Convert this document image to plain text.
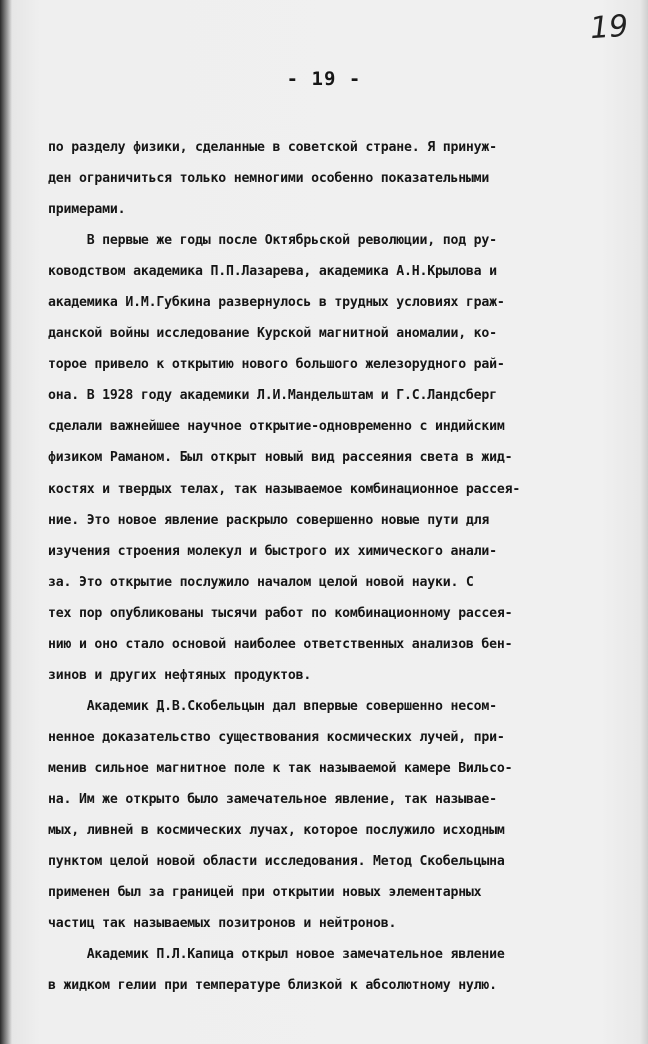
19
- 19 -
по разделу физики, сделанные в советской стране. Я принуж-
ден ограничиться только немногими особенно показательными
примерами.
В первые же годы после Октябрьской революции, под ру-
ководством академика П.П.Лазарева, академика А.Н.Крылова и
академика И.М.Губкина развернулось в трудных условиях граж-
данской войны исследование Курской магнитной аномалии, ко-
торое привело к открытию нового большого железорудного рай-
она. В 1928 году академики Л.И.Мандельштам и Г.С.Ландсберг
сделали важнейшее научное открытие-одновременно с индийским
физиком Раманом. Был открыт новый вид рассеяния света в жид-
костях и твердых телах, так называемое комбинационное рассея-
ние. Это новое явление раскрыло совершенно новые пути для
изучения строения молекул и быстрого их химического анали-
за. Это открытие послужило началом целой новой науки. С
тех пор опубликованы тысячи работ по комбинационному рассея-
нию и оно стало основой наиболее ответственных анализов бен-
зинов и других нефтяных продуктов.
Академик Д.В.Скобельцын дал впервые совершенно несом-
ненное доказательство существования космических лучей, при-
менив сильное магнитное поле к так называемой камере Вильсо-
на. Им же открыто было замечательное явление, так называе-
мых, ливней в космических лучах, которое послужило исходным
пунктом целой новой области исследования. Метод Скобельцына
применен был за границей при открытии новых элементарных
частиц так называемых позитронов и нейтронов.
Академик П.Л.Капица открыл новое замечательное явление
в жидком гелии при температуре близкой к абсолютному нулю.
